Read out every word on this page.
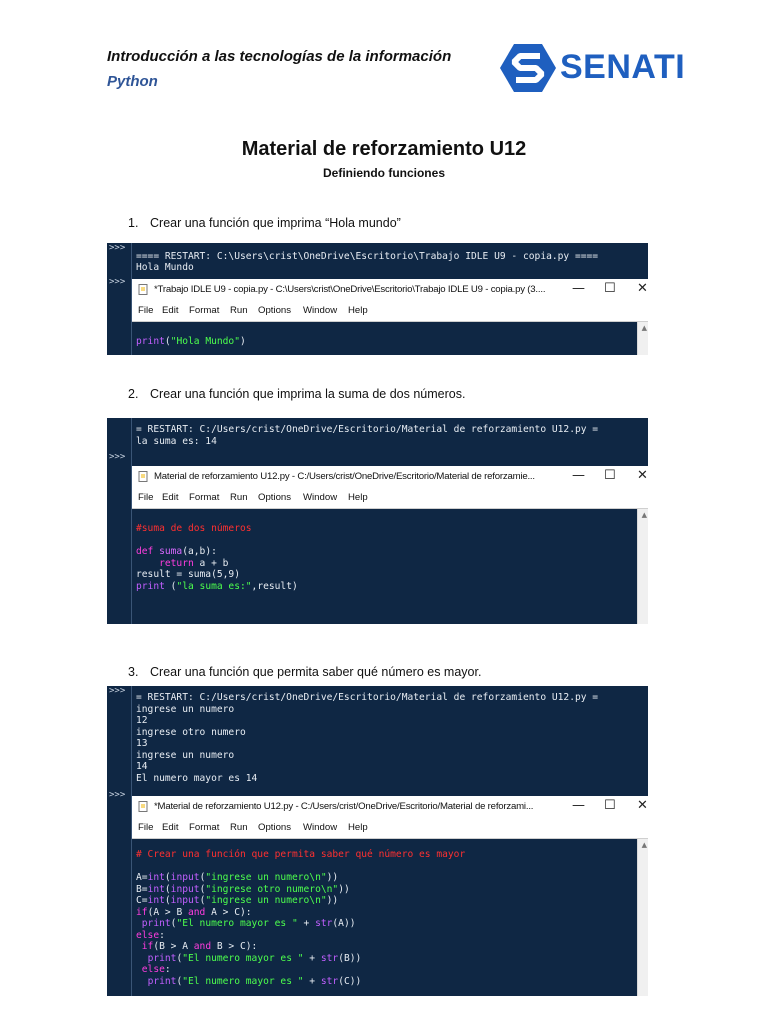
Introducción a las tecnologías de la información
Python	SENATI
Material de reforzamiento U12
Definiendo funciones
1. Crear una función que imprima “Hola mundo”
>>>
>>>

==== RESTART: C:\Users\crist\OneDrive\Escritorio\Trabajo IDLE U9 - copia.py ====

Hola Mundo

*Trabajo IDLE U9 - copia.py - C:\Users\crist\OneDrive\Escritorio\Trabajo IDLE U9 - copia.py (3.... — ☐ ✕
File Edit Format Run Options Window Help
print("Hola Mundo")
▲
2. Crear una función que imprima la suma de dos números.
>>>

= RESTART: C:/Users/crist/OneDrive/Escritorio/Material de reforzamiento U12.py =

la suma es: 14

Material de reforzamiento U12.py - C:/Users/crist/OneDrive/Escritorio/Material de reforzamie...	— ☐ ✕
File Edit Format Run Options Window Help
#suma de dos números
def suma(a,b):
return a + b
result = suma(5,9)
print ("la suma es:",result)
▲
3. Crear una función que permita saber qué número es mayor.
>>>
>>>
= RESTART: C:/Users/crist/OneDrive/Escritorio/Material de reforzamiento U12.py =
ingrese un numero
12
ingrese otro numero
13
ingrese un numero
14
El numero mayor es 14
*Material de reforzamiento U12.py - C:/Users/crist/OneDrive/Escritorio/Material de reforzami...	— ☐ ✕
File Edit Format Run Options Window Help
# Crear una función que permita saber qué número es mayor
A=int(input("ingrese un numero\n"))
B=int(input("ingrese otro numero\n"))
C=int(input("ingrese un numero\n"))
if(A > B and A > C):
print("El numero mayor es " + str(A))
else:
if(B > A and B > C):
print("El numero mayor es " + str(B))
else:
print("El numero mayor es " + str(C))
▲
